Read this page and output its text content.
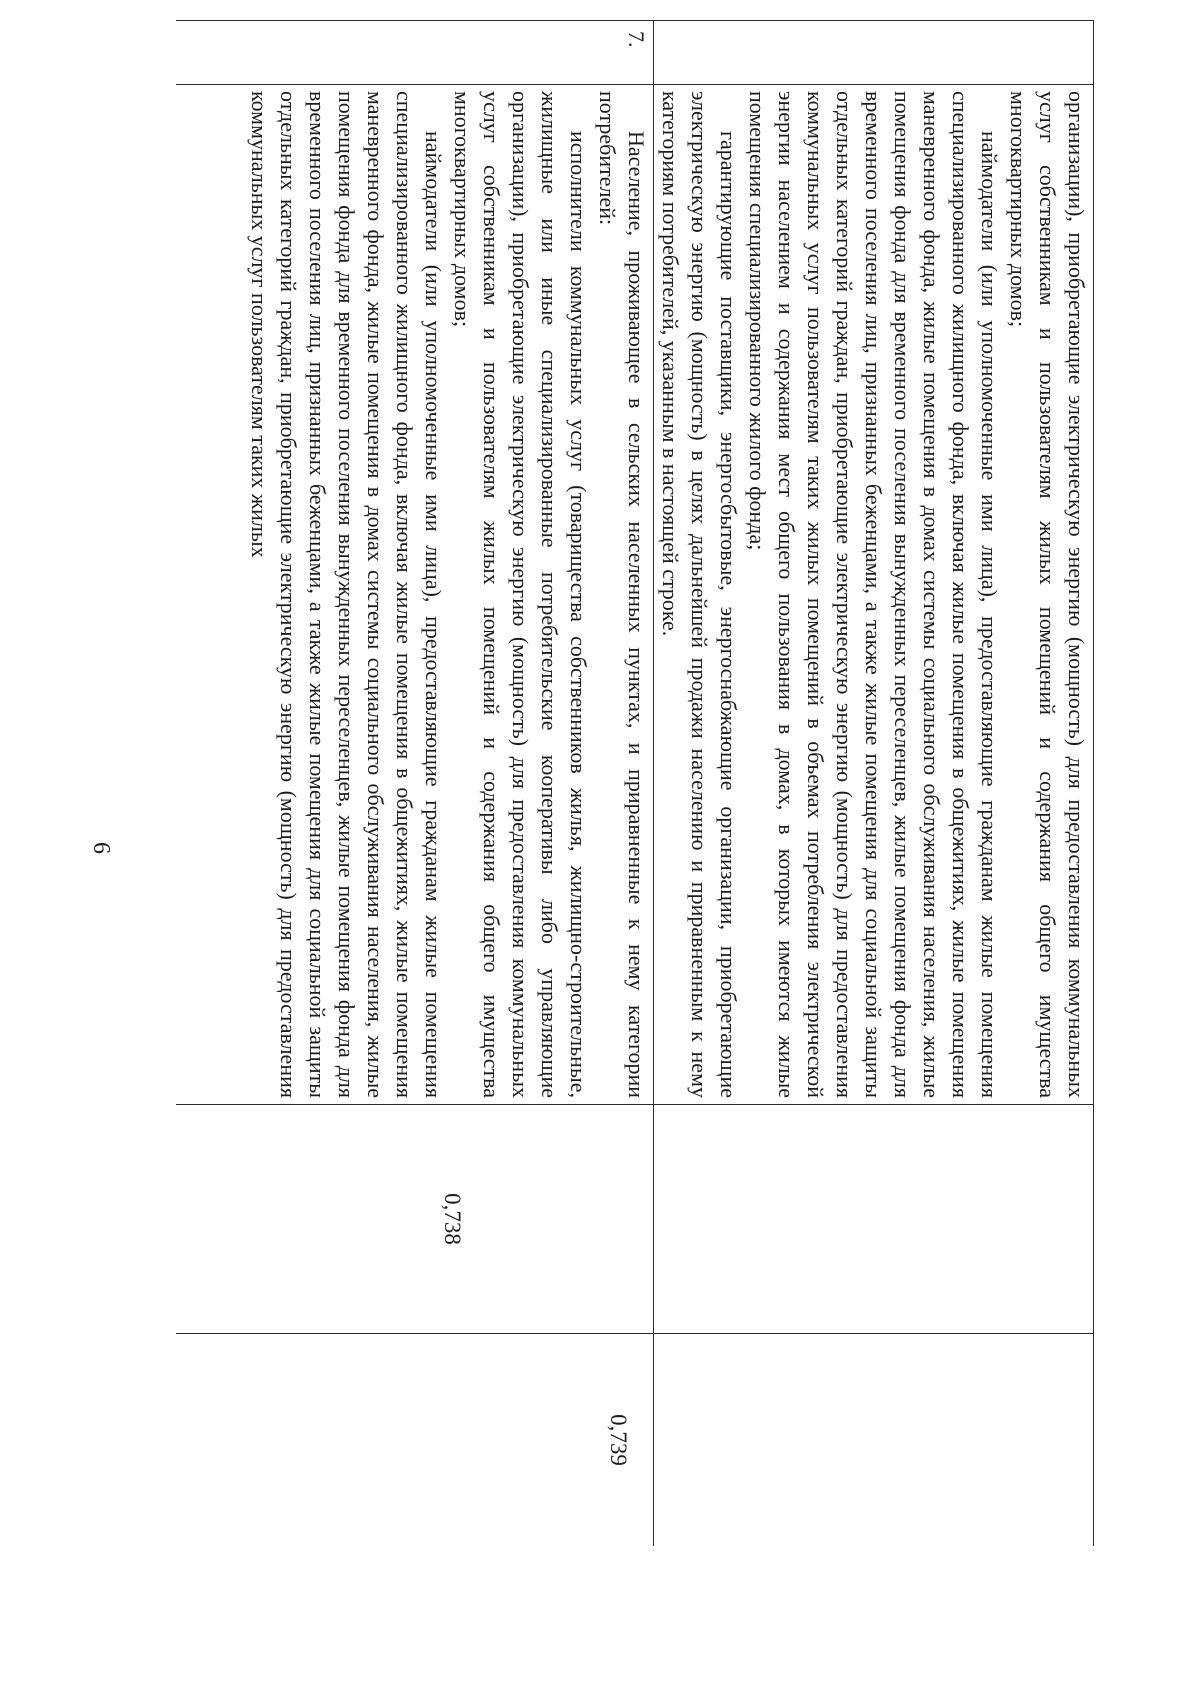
6

	организации), приобретающие электрическую энергию (мощность) для предоставления коммунальных услуг собственникам и пользователям жилых помещений и содержания общего имущества многоквартирных домов;

наймодатели (или уполномоченные ими лица), предоставляющие гражданам жилые помещения специализированного жилищного фонда, включая жилые помещения в общежитиях, жилые помещения маневренного фонда, жилые помещения в домах системы социального обслуживания населения, жилые помещения фонда для временного поселения вынужденных переселенцев, жилые помещения фонда для временного поселения лиц, признанных беженцами, а также жилые помещения для социальной защиты отдельных категорий граждан, приобретающие электрическую энергию (мощность) для предоставления коммунальных услуг пользователям таких жилых помещений в объемах потребления электрической энергии населением и содержания мест общего пользования в домах, в которых имеются жилые помещения специализированного жилого фонда;

гарантирующие поставщики, энергосбытовые, энергоснабжающие организации, приобретающие электрическую энергию (мощность) в целях дальнейшей продажи населению и приравненным к нему категориям потребителей, указанным в настоящей строке.		

7.	Население, проживающее в сельских населенных пунктах, и приравненные к нему категории потребителей:

исполнители коммунальных услуг (товарищества собственников жилья, жилищно-строительные, жилищные или иные специализированные потребительские кооперативы либо управляющие организации), приобретающие электрическую энергию (мощность) для предоставления коммунальных услуг собственникам и пользователям жилых помещений и содержания общего имущества многоквартирных домов;

наймодатели (или уполномоченные ими лица), предоставляющие гражданам жилые помещения специализированного жилищного фонда, включая жилые помещения в общежитиях, жилые помещения маневренного фонда, жилые помещения в домах системы социального обслуживания населения, жилые помещения фонда для временного поселения вынужденных переселенцев, жилые помещения фонда для временного поселения лиц, признанных беженцами, а также жилые помещения для социальной защиты отдельных категорий граждан, приобретающие электрическую энергию (мощность) для предоставления коммунальных услуг пользователям таких жилых	0,738	0,739
